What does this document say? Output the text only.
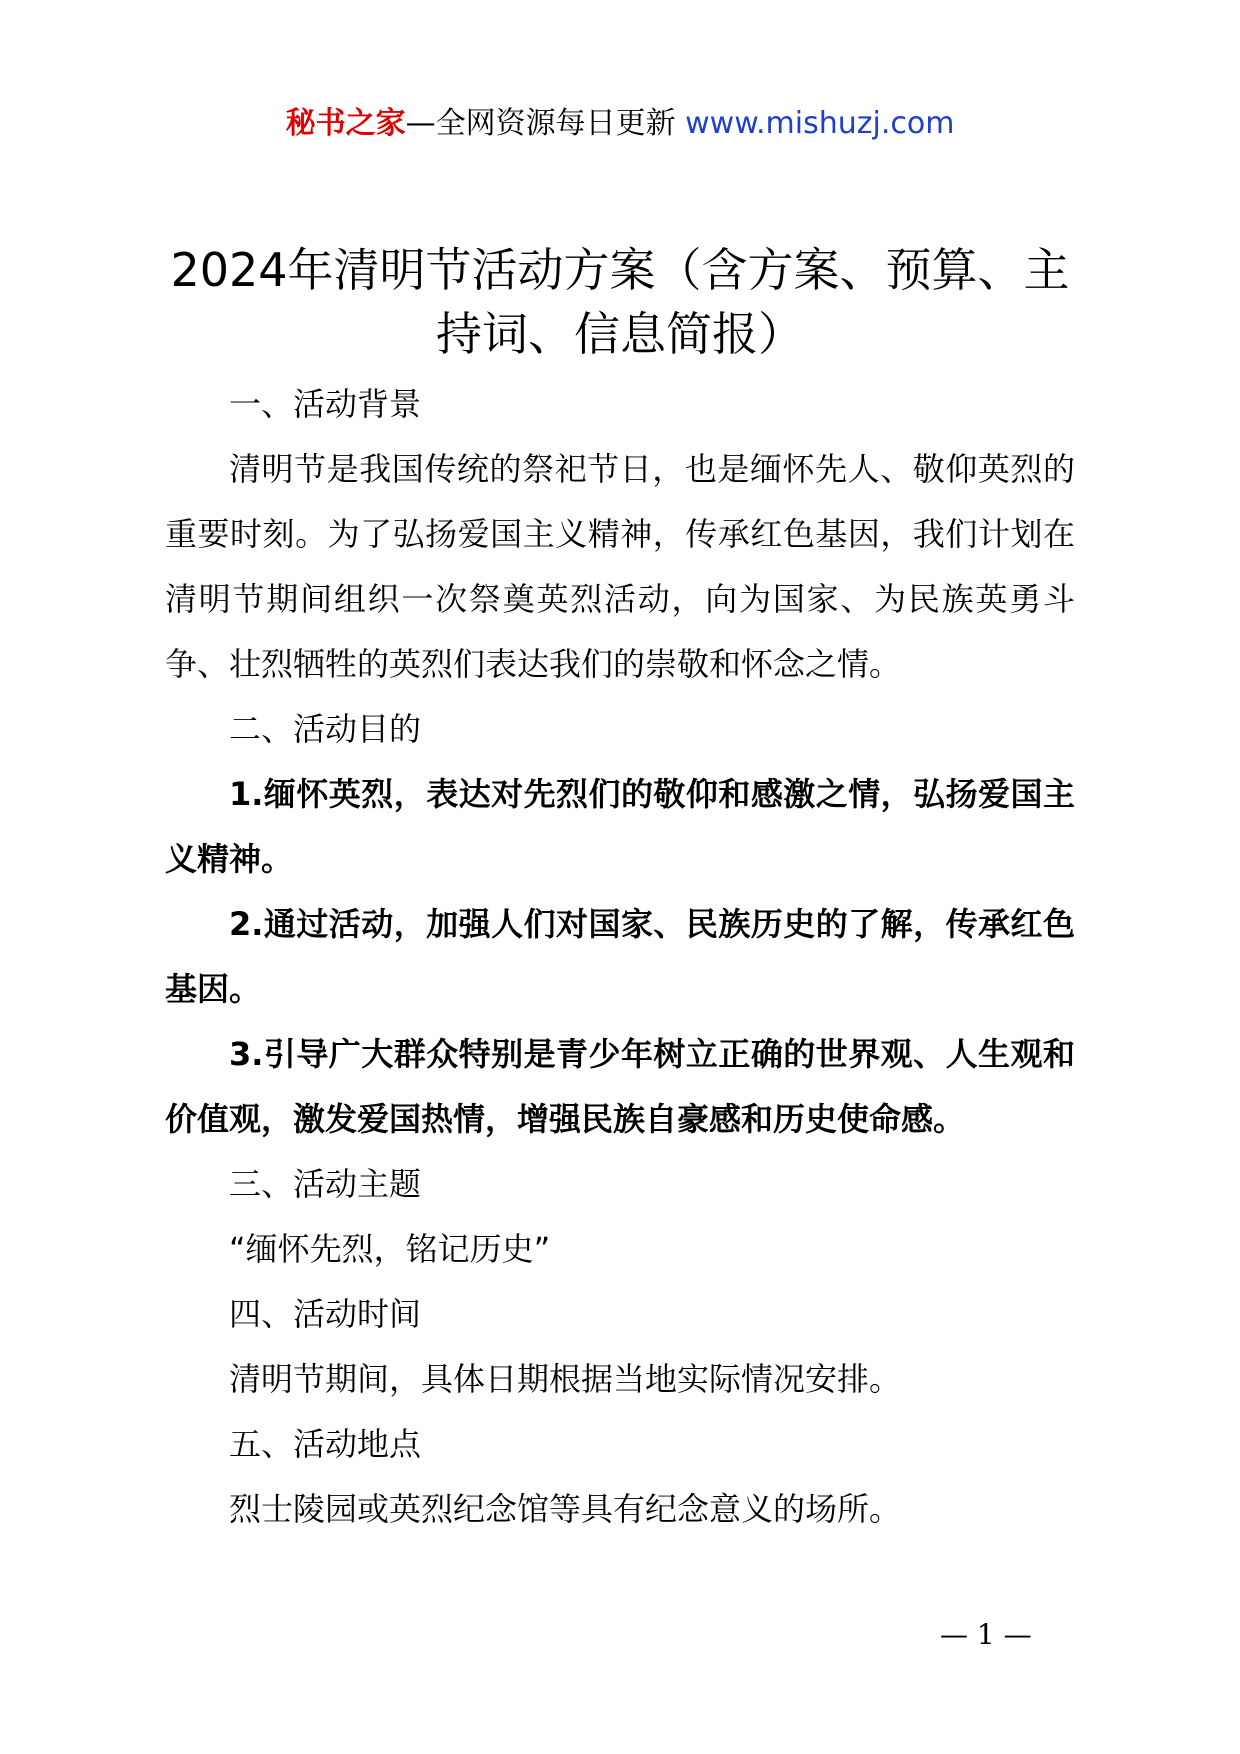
秘书之家—全网资源每日更新 www.mishuzj.com
2024年清明节活动方案（含方案、预算、主持词、信息简报）

一、活动背景

清明节是我国传统的祭祀节日，也是缅怀先人、敬仰英烈的重要时刻。为了弘扬爱国主义精神，传承红色基因，我们计划在清明节期间组织一次祭奠英烈活动，向为国家、为民族英勇斗争、壮烈牺牲的英烈们表达我们的崇敬和怀念之情。

二、活动目的

1.缅怀英烈，表达对先烈们的敬仰和感激之情，弘扬爱国主义精神。

2.通过活动，加强人们对国家、民族历史的了解，传承红色基因。

3.引导广大群众特别是青少年树立正确的世界观、人生观和价值观，激发爱国热情，增强民族自豪感和历史使命感。

三、活动主题

“缅怀先烈，铭记历史”

四、活动时间

清明节期间，具体日期根据当地实际情况安排。

五、活动地点

烈士陵园或英烈纪念馆等具有纪念意义的场所。

— 1 —
